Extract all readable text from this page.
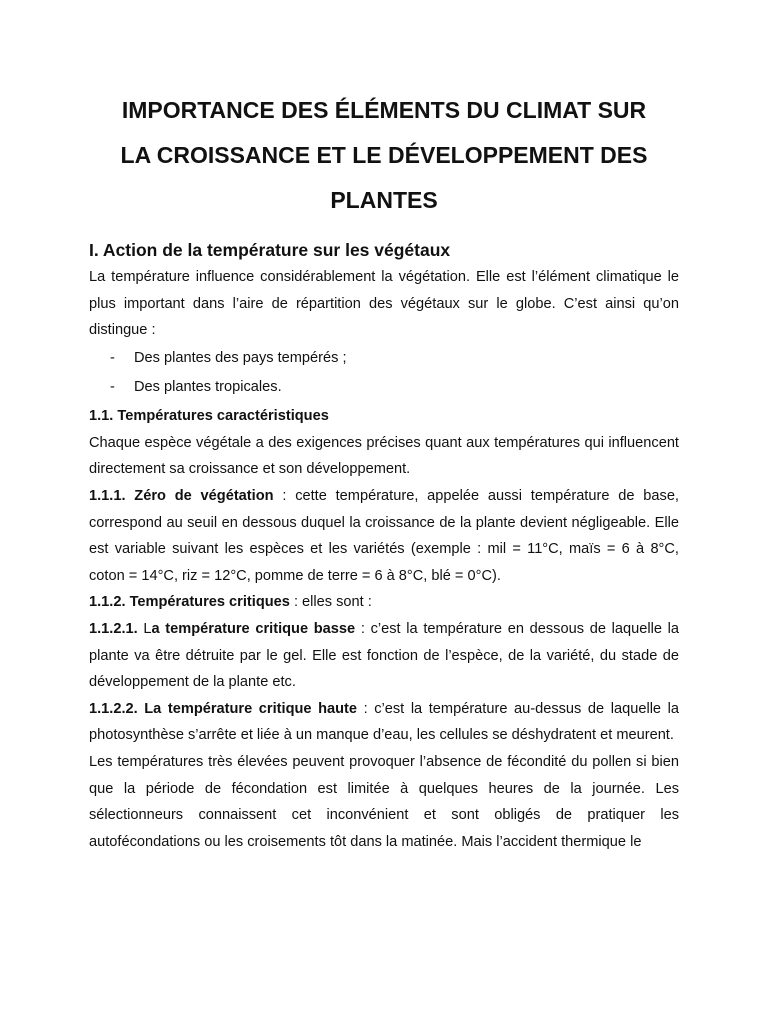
IMPORTANCE DES ÉLÉMENTS DU CLIMAT SUR
LA CROISSANCE ET LE DÉVELOPPEMENT DES
PLANTES
I. Action de la température sur les végétaux

La température influence considérablement la végétation. Elle est l’élément climatique le plus important dans l’aire de répartition des végétaux sur le globe. C’est ainsi qu’on distingue :

-	Des plantes des pays tempérés ;
-	Des plantes tropicales.
1.1. Températures caractéristiques

Chaque espèce végétale a des exigences précises quant aux températures qui influencent directement sa croissance et son développement.

1.1.1. Zéro de végétation : cette température, appelée aussi température de base, correspond au seuil en dessous duquel la croissance de la plante devient négligeable. Elle est variable suivant les espèces et les variétés (exemple : mil = 11°C, maïs = 6 à 8°C, coton = 14°C, riz = 12°C, pomme de terre = 6 à 8°C, blé = 0°C).

1.1.2. Températures critiques : elles sont :

1.1.2.1. La température critique basse : c’est la température en dessous de laquelle la plante va être détruite par le gel. Elle est fonction de l’espèce, de la variété, du stade de développement de la plante etc.

1.1.2.2. La température critique haute : c’est la température au-dessus de laquelle la photosynthèse s’arrête et liée à un manque d’eau, les cellules se déshydratent et meurent.

Les températures très élevées peuvent provoquer l’absence de fécondité du pollen si bien que la période de fécondation est limitée à quelques heures de la journée. Les sélectionneurs connaissent cet inconvénient et sont obligés de pratiquer les autofécondations ou les croisements tôt dans la matinée. Mais l’accident thermique le
